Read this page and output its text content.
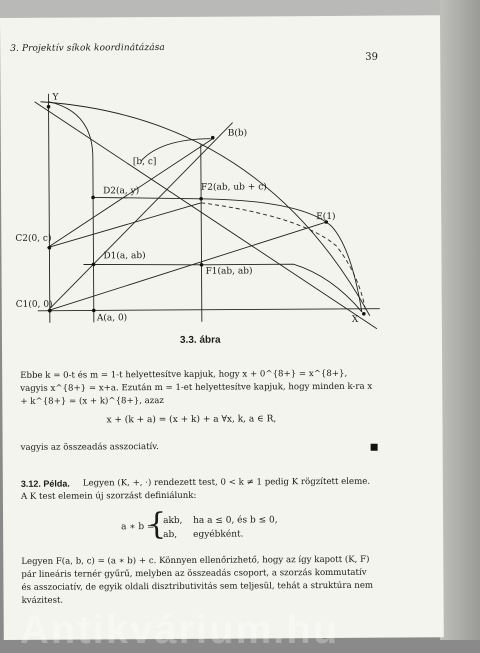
3. Projektív síkok koordinátázása
39
Y
B(b)
[b, c]
D2(a, y)	F2(ab, ub + c)
E(1)
C2(0, c)
D1(a, ab)
F1(ab, ab)
C1(0, 0)
A(a, 0)	X
3.3. ábra
Ebbe k = 0-t és m = 1-t helyettesítve kapjuk, hogy x + 0^{8+} = x^{8+}, vagyis x^{8+} = x+a. Ezután m = 1-et helyettesítve kapjuk, hogy minden k-ra x + k^{8+} = (x + k)^{8+}, azaz
x + (k + a) = (x + k) + a ∀x, k, a ∈ R,
vagyis az összeadás asszociatív.
3.12. Példa.	Legyen (K, +, ·) rendezett test, 0 < k ≠ 1 pedig K rögzített eleme. A K test elemein új szorzást definiálunk:
a ∗ b =
{
akb, ha a ≤ 0, és b ≤ 0,
ab, egyébként.
Legyen F(a, b, c) = (a ∗ b) + c. Könnyen ellenőrizhető, hogy az így kapott (K, F) pár lineáris ternér gyűrű, melyben az összeadás csoport, a szorzás kommutatív és asszociatív, de egyik oldali disztributivitás sem teljesül, tehát a struktúra nem kvázitest.
Antikvárium.hu
